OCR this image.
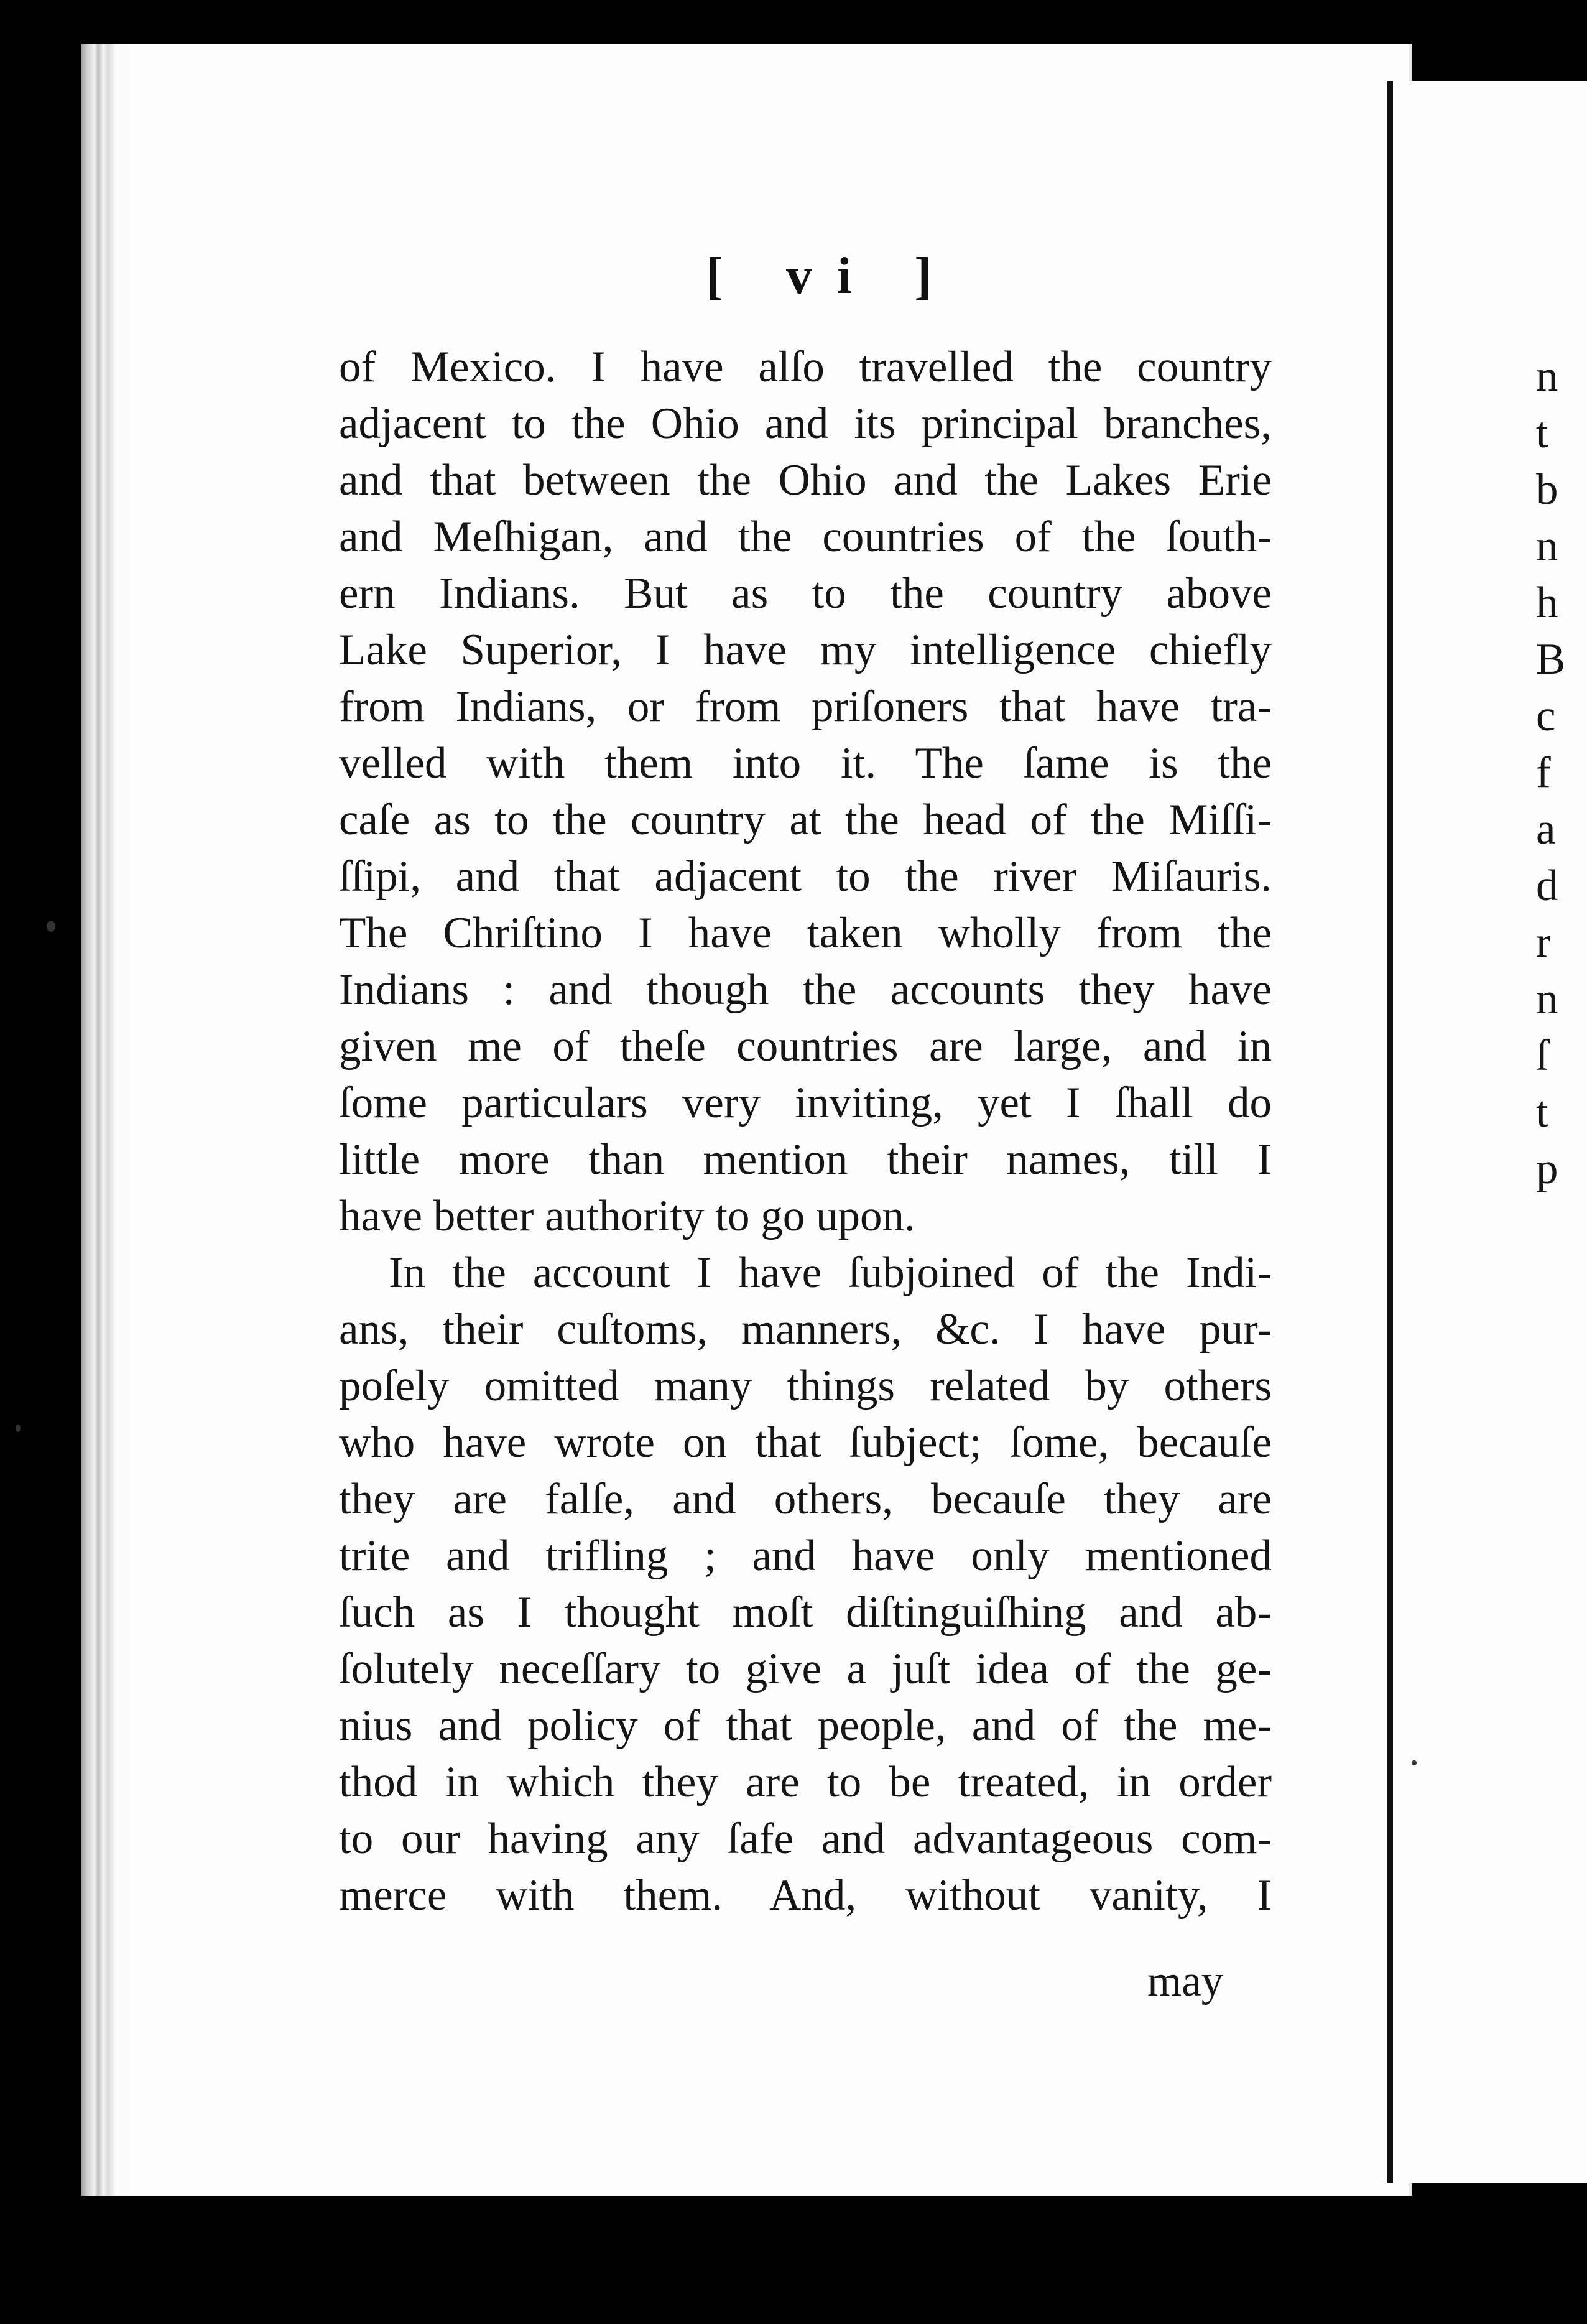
[ vi ]
of Mexico. I have alſo travelled the country
adjacent to the Ohio and its principal branches,
and that between the Ohio and the Lakes Erie
and Meſhigan, and the countries of the ſouth-
ern Indians. But as to the country above
Lake Superior, I have my intelligence chiefly
from Indians, or from priſoners that have tra-
velled with them into it. The ſame is the
caſe as to the country at the head of the Miſſi-
ſſipi, and that adjacent to the river Miſauris.
The Chriſtino I have taken wholly from the
Indians : and though the accounts they have
given me of theſe countries are large, and in
ſome particulars very inviting, yet I ſhall do
little more than mention their names, till I
have better authority to go upon.
In the account I have ſubjoined of the Indi-
ans, their cuſtoms, manners, &c. I have pur-
poſely omitted many things related by others
who have wrote on that ſubject; ſome, becauſe
they are falſe, and others, becauſe they are
trite and trifling ; and have only mentioned
ſuch as I thought moſt diſtinguiſhing and ab-
ſolutely neceſſary to give a juſt idea of the ge-
nius and policy of that people, and of the me-
thod in which they are to be treated, in order
to our having any ſafe and advantageous com-
merce with them. And, without vanity, I
may
n
t
b
n
h
B
c
f
a
d
r
n
ſ
t
p
